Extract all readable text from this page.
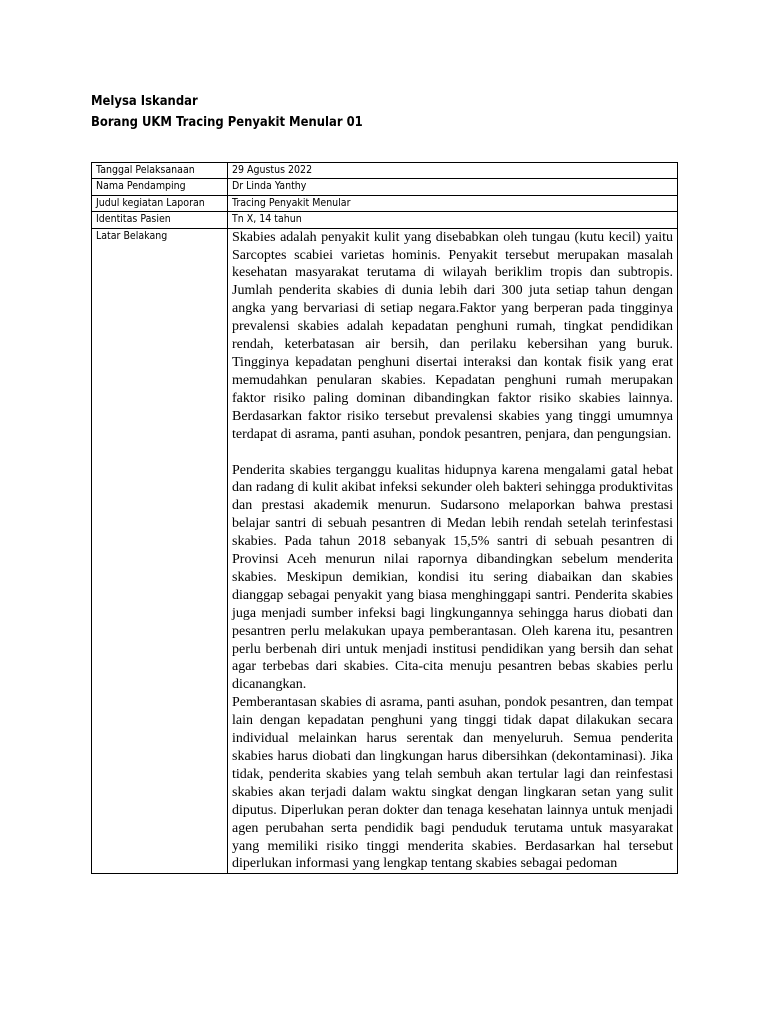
Melysa Iskandar
Borang UKM Tracing Penyakit Menular 01
Tanggal Pelaksanaan	29 Agustus 2022
Nama Pendamping	Dr Linda Yanthy
Judul kegiatan Laporan	Tracing Penyakit Menular
Identitas Pasien	Tn X, 14 tahun
Latar Belakang	Skabies adalah penyakit kulit yang disebabkan oleh tungau (kutu kecil) yaitu Sarcoptes scabiei varietas hominis. Penyakit tersebut merupakan masalah kesehatan masyarakat terutama di wilayah beriklim tropis dan subtropis. Jumlah penderita skabies di dunia lebih dari 300 juta setiap tahun dengan angka yang bervariasi di setiap negara.Faktor yang berperan pada tingginya prevalensi skabies adalah kepadatan penghuni rumah, tingkat pendidikan rendah, keterbatasan air bersih, dan perilaku kebersihan yang buruk. Tingginya kepadatan penghuni disertai interaksi dan kontak fisik yang erat memudahkan penularan skabies. Kepadatan penghuni rumah merupakan faktor risiko paling dominan dibandingkan faktor risiko skabies lainnya. Berdasarkan faktor risiko tersebut prevalensi skabies yang tinggi umumnya terdapat di asrama, panti asuhan, pondok pesantren, penjara, dan pengungsian.

Penderita skabies terganggu kualitas hidupnya karena mengalami gatal hebat dan radang di kulit akibat infeksi sekunder oleh bakteri sehingga produktivitas dan prestasi akademik menurun. Sudarsono melaporkan bahwa prestasi belajar santri di sebuah pesantren di Medan lebih rendah setelah terinfestasi skabies. Pada tahun 2018 sebanyak 15,5% santri di sebuah pesantren di Provinsi Aceh menurun nilai rapornya dibandingkan sebelum menderita skabies. Meskipun demikian, kondisi itu sering diabaikan dan skabies dianggap sebagai penyakit yang biasa menghinggapi santri. Penderita skabies juga menjadi sumber infeksi bagi lingkungannya sehingga harus diobati dan pesantren perlu melakukan upaya pemberantasan. Oleh karena itu, pesantren perlu berbenah diri untuk menjadi institusi pendidikan yang bersih dan sehat agar terbebas dari skabies. Cita-cita menuju pesantren bebas skabies perlu dicanangkan.

Pemberantasan skabies di asrama, panti asuhan, pondok pesantren, dan tempat lain dengan kepadatan penghuni yang tinggi tidak dapat dilakukan secara individual melainkan harus serentak dan menyeluruh. Semua penderita skabies harus diobati dan lingkungan harus dibersihkan (dekontaminasi). Jika tidak, penderita skabies yang telah sembuh akan tertular lagi dan reinfestasi skabies akan terjadi dalam waktu singkat dengan lingkaran setan yang sulit diputus. Diperlukan peran dokter dan tenaga kesehatan lainnya untuk menjadi agen perubahan serta pendidik bagi penduduk terutama untuk masyarakat yang memiliki risiko tinggi menderita skabies. Berdasarkan hal tersebut diperlukan informasi yang lengkap tentang skabies sebagai pedoman
